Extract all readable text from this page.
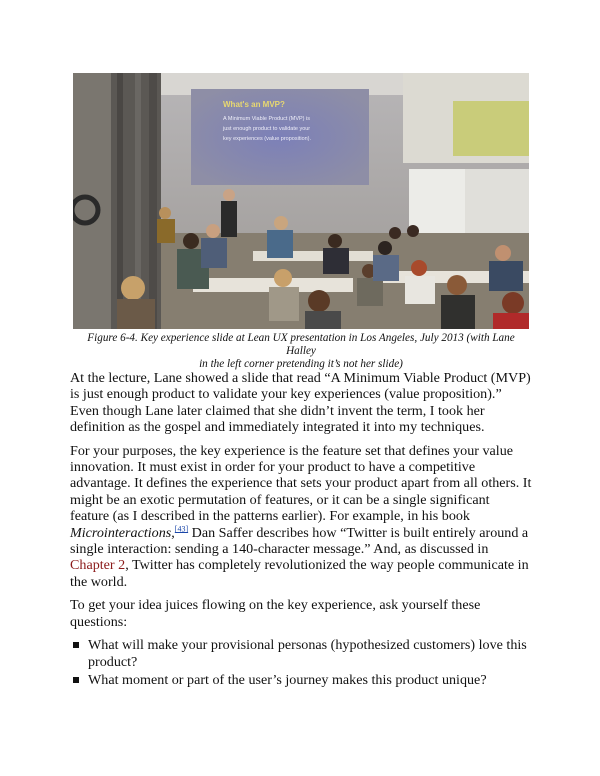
What's an MVP?
A Minimum Viable Product (MVP) is
just enough product to validate your
key experiences (value proposition).
Figure 6-4. Key experience slide at Lean UX presentation in Los Angeles, July 2013 (with Lane Halley
in the left corner pretending it’s not her slide)

At the lecture, Lane showed a slide that read “A Minimum Viable Product (MVP) is just enough product to validate your key experiences (value proposition).” Even though Lane later claimed that she didn’t invent the term, I took her definition as the gospel and immediately integrated it into my techniques.

For your purposes, the key experience is the feature set that defines your value innovation. It must exist in order for your product to have a competitive advantage. It defines the experience that sets your product apart from all others. It might be an exotic permutation of features, or it can be a single significant feature (as I described in the patterns earlier). For example, in his book Microinteractions,[43] Dan Saffer describes how “Twitter is built entirely around a single interaction: sending a 140-character message.” And, as discussed in Chapter 2, Twitter has completely revolutionized the way people communicate in the world.

To get your idea juices flowing on the key experience, ask yourself these questions:

What will make your provisional personas (hypothesized customers) love this product?
What moment or part of the user’s journey makes this product unique?
